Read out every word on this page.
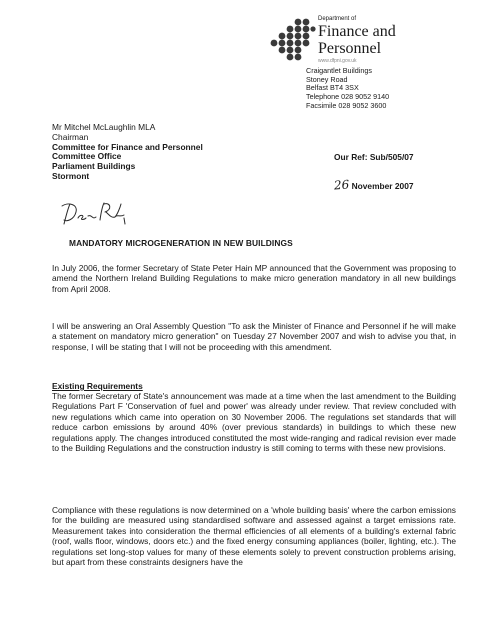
Department of
Finance and
Personnel
www.dfpni.gov.uk
Craigantlet Buildings
Stoney Road
Belfast BT4 3SX
Telephone 028 9052 9140
Facsimile 028 9052 3600
Mr Mitchel McLaughlin MLA
Chairman
Committee for Finance and Personnel
Committee Office
Parliament Buildings
Stormont
Our Ref: Sub/505/07
26 November 2007
MANDATORY MICROGENERATION IN NEW BUILDINGS

In July 2006, the former Secretary of State Peter Hain MP announced that the Government was proposing to amend the Northern Ireland Building Regulations to make micro generation mandatory in all new buildings from April 2008.

I will be answering an Oral Assembly Question "To ask the Minister of Finance and Personnel if he will make a statement on mandatory micro generation" on Tuesday 27 November 2007 and wish to advise you that, in response, I will be stating that I will not be proceeding with this amendment.

Existing Requirements

The former Secretary of State's announcement was made at a time when the last amendment to the Building Regulations Part F 'Conservation of fuel and power' was already under review. That review concluded with new regulations which came into operation on 30 November 2006. The regulations set standards that will reduce carbon emissions by around 40% (over previous standards) in buildings to which these new regulations apply. The changes introduced constituted the most wide-ranging and radical revision ever made to the Building Regulations and the construction industry is still coming to terms with these new provisions.

Compliance with these regulations is now determined on a 'whole building basis' where the carbon emissions for the building are measured using standardised software and assessed against a target emissions rate. Measurement takes into consideration the thermal efficiencies of all elements of a building's external fabric (roof, walls floor, windows, doors etc.) and the fixed energy consuming appliances (boiler, lighting, etc.). The regulations set long-stop values for many of these elements solely to prevent construction problems arising, but apart from these constraints designers have the
